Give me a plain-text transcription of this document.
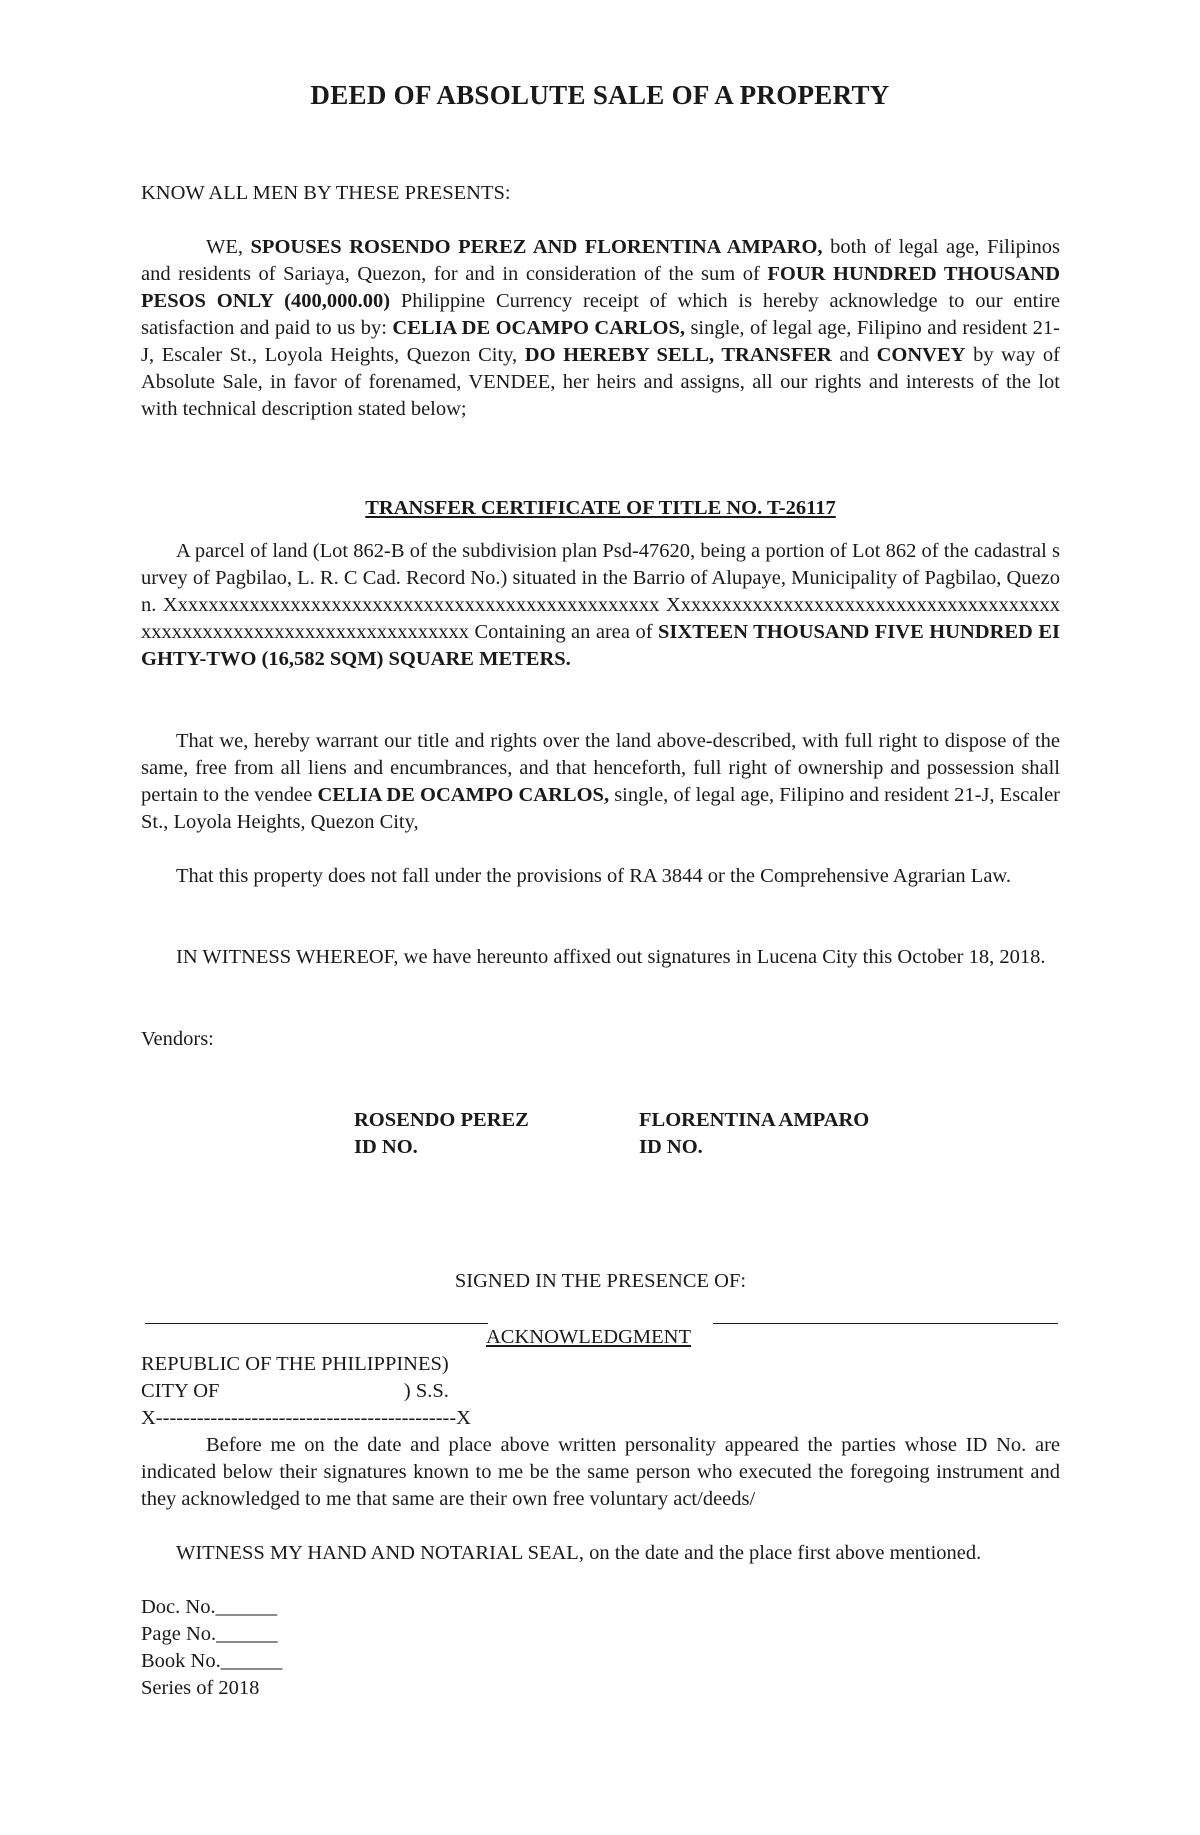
DEED OF ABSOLUTE SALE OF A PROPERTY
KNOW ALL MEN BY THESE PRESENTS:
WE, SPOUSES ROSENDO PEREZ AND FLORENTINA AMPARO, both of legal age, Filipinos and residents of Sariaya, Quezon, for and in consideration of the sum of FOUR HUNDRED THOUSAND PESOS ONLY (400,000.00) Philippine Currency receipt of which is hereby acknowledge to our entire satisfaction and paid to us by: CELIA DE OCAMPO CARLOS, single, of legal age, Filipino and resident 21-J, Escaler St., Loyola Heights, Quezon City, DO HEREBY SELL, TRANSFER and CONVEY by way of Absolute Sale, in favor of forenamed, VENDEE, her heirs and assigns, all our rights and interests of the lot with technical description stated below;
TRANSFER CERTIFICATE OF TITLE NO. T-26117
A parcel of land (Lot 862-B of the subdivision plan Psd-47620, being a portion of Lot 862 of the cadastral survey of Pagbilao, L. R. C Cad. Record No.) situated in the Barrio of Alupaye, Municipality of Pagbilao, Quezon. Xxxxxxxxxxxxxxxxxxxxxxxxxxxxxxxxxxxxxxxxxxxxxxxx Xxxxxxxxxxxxxxxxxxxxxxxxxxxxxxxxxxxxxxxxxxxxxxxxxxxxxxxxxxxxxxxxxxxxxx Containing an area of SIXTEEN THOUSAND FIVE HUNDRED EIGHTY-TWO (16,582 SQM) SQUARE METERS.
That we, hereby warrant our title and rights over the land above-described, with full right to dispose of the same, free from all liens and encumbrances, and that henceforth, full right of ownership and possession shall pertain to the vendee CELIA DE OCAMPO CARLOS, single, of legal age, Filipino and resident 21-J, Escaler St., Loyola Heights, Quezon City,
That this property does not fall under the provisions of RA 3844 or the Comprehensive Agrarian Law.
IN WITNESS WHEREOF, we have hereunto affixed out signatures in Lucena City this October 18, 2018.
Vendors:
ROSENDO PEREZ
ID NO.
FLORENTINA AMPARO
ID NO.
SIGNED IN THE PRESENCE OF:
ACKNOWLEDGMENT
REPUBLIC OF THE PHILIPPINES)
CITY OF                                    ) S.S.
X--------------------------------------------X
Before me on the date and place above written personality appeared the parties whose ID No. are indicated below their signatures known to me be the same person who executed the foregoing instrument and they acknowledged to me that same are their own free voluntary act/deeds/
WITNESS MY HAND AND NOTARIAL SEAL, on the date and the place first above mentioned.
Doc. No.______
Page No.______
Book No.______
Series of 2018
